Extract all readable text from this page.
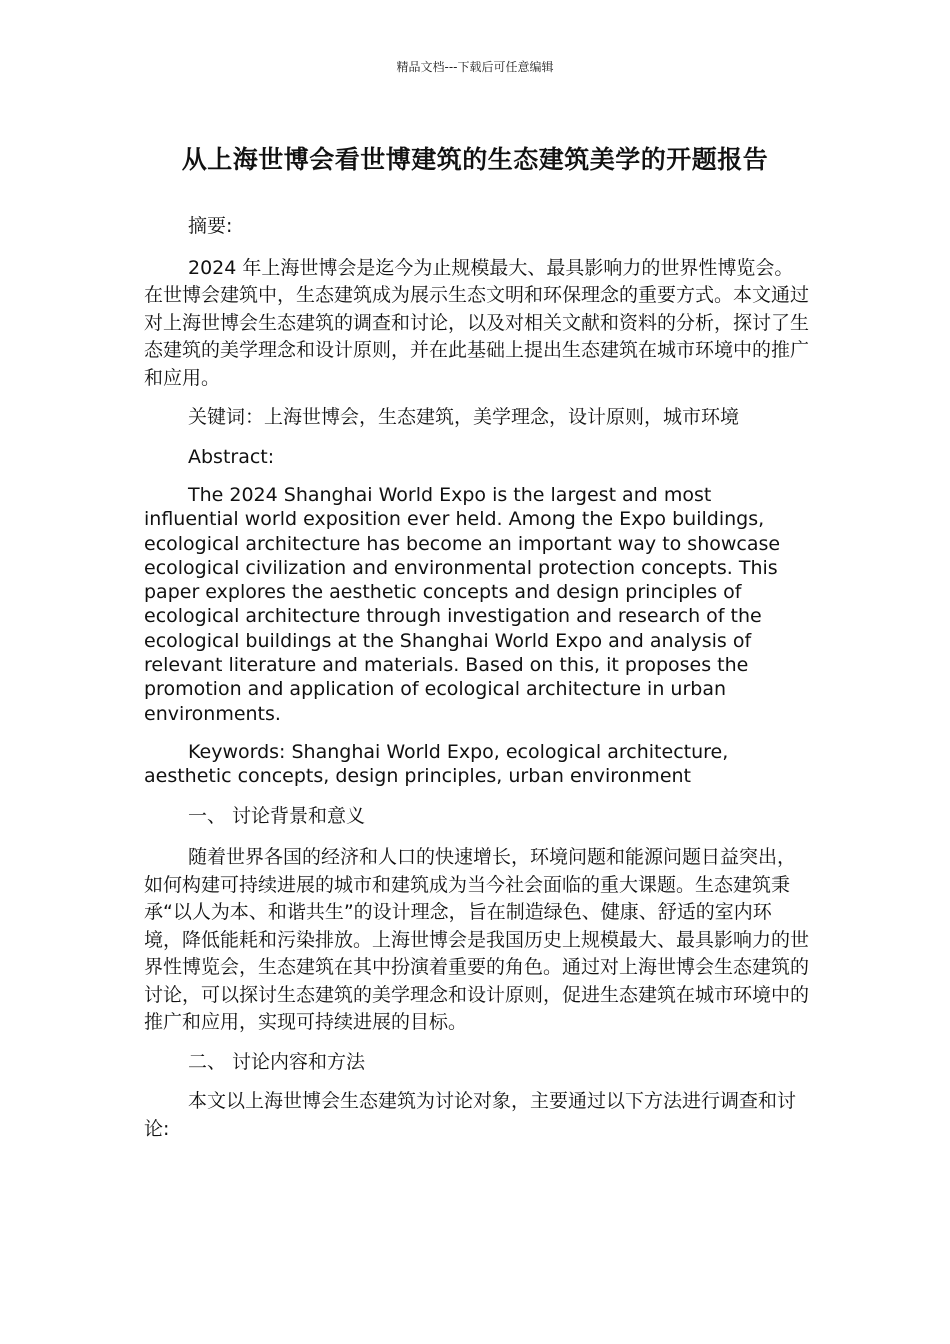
精品文档---下载后可任意编辑
从上海世博会看世博建筑的生态建筑美学的开题报告

摘要:

2024 年上海世博会是迄今为止规模最大、最具影响力的世界性博览会。在世博会建筑中，生态建筑成为展示生态文明和环保理念的重要方式。本文通过对上海世博会生态建筑的调查和讨论，以及对相关文献和资料的分析，探讨了生态建筑的美学理念和设计原则，并在此基础上提出生态建筑在城市环境中的推广和应用。

关键词：上海世博会，生态建筑，美学理念，设计原则，城市环境

Abstract:

The 2024 Shanghai World Expo is the largest and most influential world exposition ever held. Among the Expo buildings, ecological architecture has become an important way to showcase ecological civilization and environmental protection concepts. This paper explores the aesthetic concepts and design principles of ecological architecture through investigation and research of the ecological buildings at the Shanghai World Expo and analysis of relevant literature and materials. Based on this, it proposes the promotion and application of ecological architecture in urban environments.

Keywords: Shanghai World Expo, ecological architecture, aesthetic concepts, design principles, urban environment

一、 讨论背景和意义

随着世界各国的经济和人口的快速增长，环境问题和能源问题日益突出，如何构建可持续进展的城市和建筑成为当今社会面临的重大课题。生态建筑秉承“以人为本、和谐共生”的设计理念，旨在制造绿色、健康、舒适的室内环境，降低能耗和污染排放。上海世博会是我国历史上规模最大、最具影响力的世界性博览会，生态建筑在其中扮演着重要的角色。通过对上海世博会生态建筑的讨论，可以探讨生态建筑的美学理念和设计原则，促进生态建筑在城市环境中的推广和应用，实现可持续进展的目标。

二、 讨论内容和方法

本文以上海世博会生态建筑为讨论对象，主要通过以下方法进行调查和讨论:
